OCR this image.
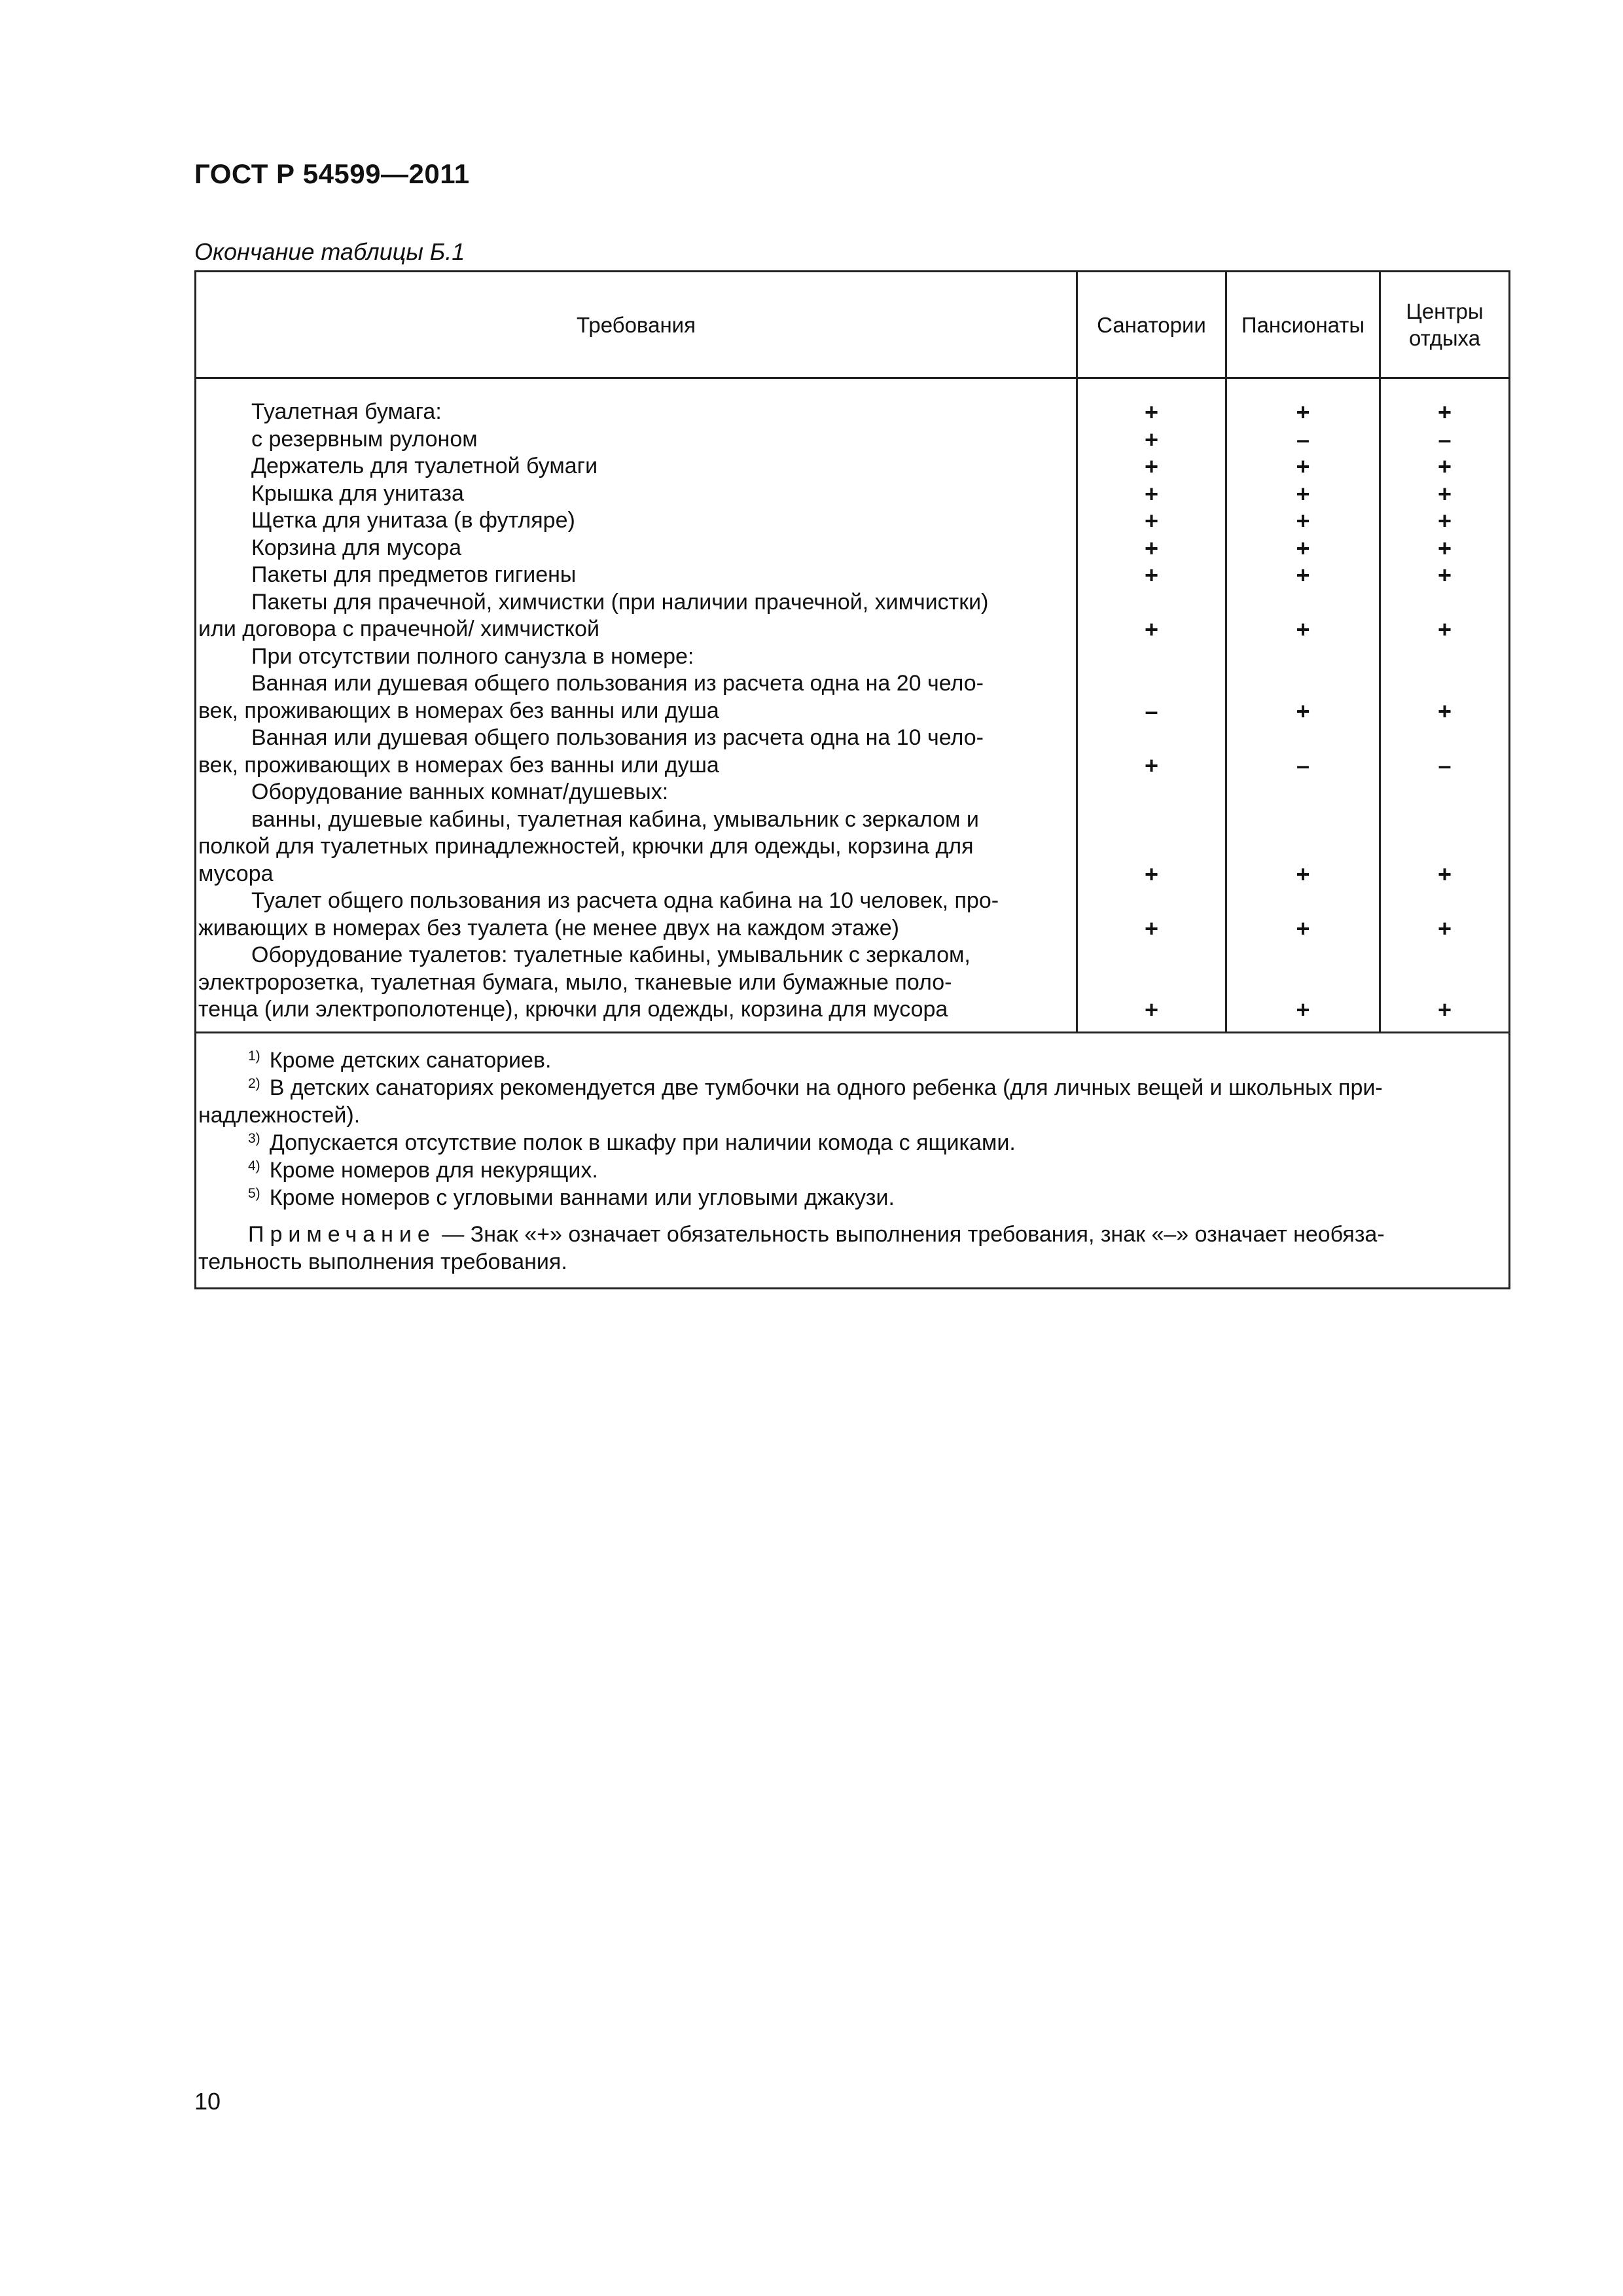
ГОСТ Р 54599—2011
Окончание таблицы Б.1
Требования	Санатории	Пансионаты
Центры
отдыха
Туалетная бумага:
с резервным рулоном
Держатель для туалетной бумаги
Крышка для унитаза
Щетка для унитаза (в футляре)
Корзина для мусора
Пакеты для предметов гигиены
Пакеты для прачечной, химчистки (при наличии прачечной, химчистки)
или договора с прачечной/ химчисткой
При отсутствии полного санузла в номере:
Ванная или душевая общего пользования из расчета одна на 20 чело-
век, проживающих в номерах без ванны или душа
Ванная или душевая общего пользования из расчета одна на 10 чело-
век, проживающих в номерах без ванны или душа
Оборудование ванных комнат/душевых:
ванны, душевые кабины, туалетная кабина, умывальник с зеркалом и
полкой для туалетных принадлежностей, крючки для одежды, корзина для
мусора
Туалет общего пользования из расчета одна кабина на 10 человек, про-
живающих в номерах без туалета (не менее двух на каждом этаже)
Оборудование туалетов: туалетные кабины, умывальник с зеркалом,
электророзетка, туалетная бумага, мыло, тканевые или бумажные поло-
тенца (или электрополотенце), крючки для одежды, корзина для мусора
+
+
+
+
+
+
+
+
–
+
+
+
+
+
–
+
+
+
+
+
+
+
–
+
+
+
+
–
+
+
+
+
+
+
+
–
+
+
+
$^{1)}$ Кроме детских санаториев.
$^{2)}$ В детских санаториях рекомендуется две тумбочки на одного ребенка (для личных вещей и школьных при-
надлежностей).
$^{3)}$ Допускается отсутствие полок в шкафу при наличии комода с ящиками.
$^{4)}$ Кроме номеров для некурящих.
$^{5)}$ Кроме номеров с угловыми ваннами или угловыми джакузи.
Примечание — Знак «+» означает обязательность выполнения требования, знак «–» означает необяза-
тельность выполнения требования.
10
